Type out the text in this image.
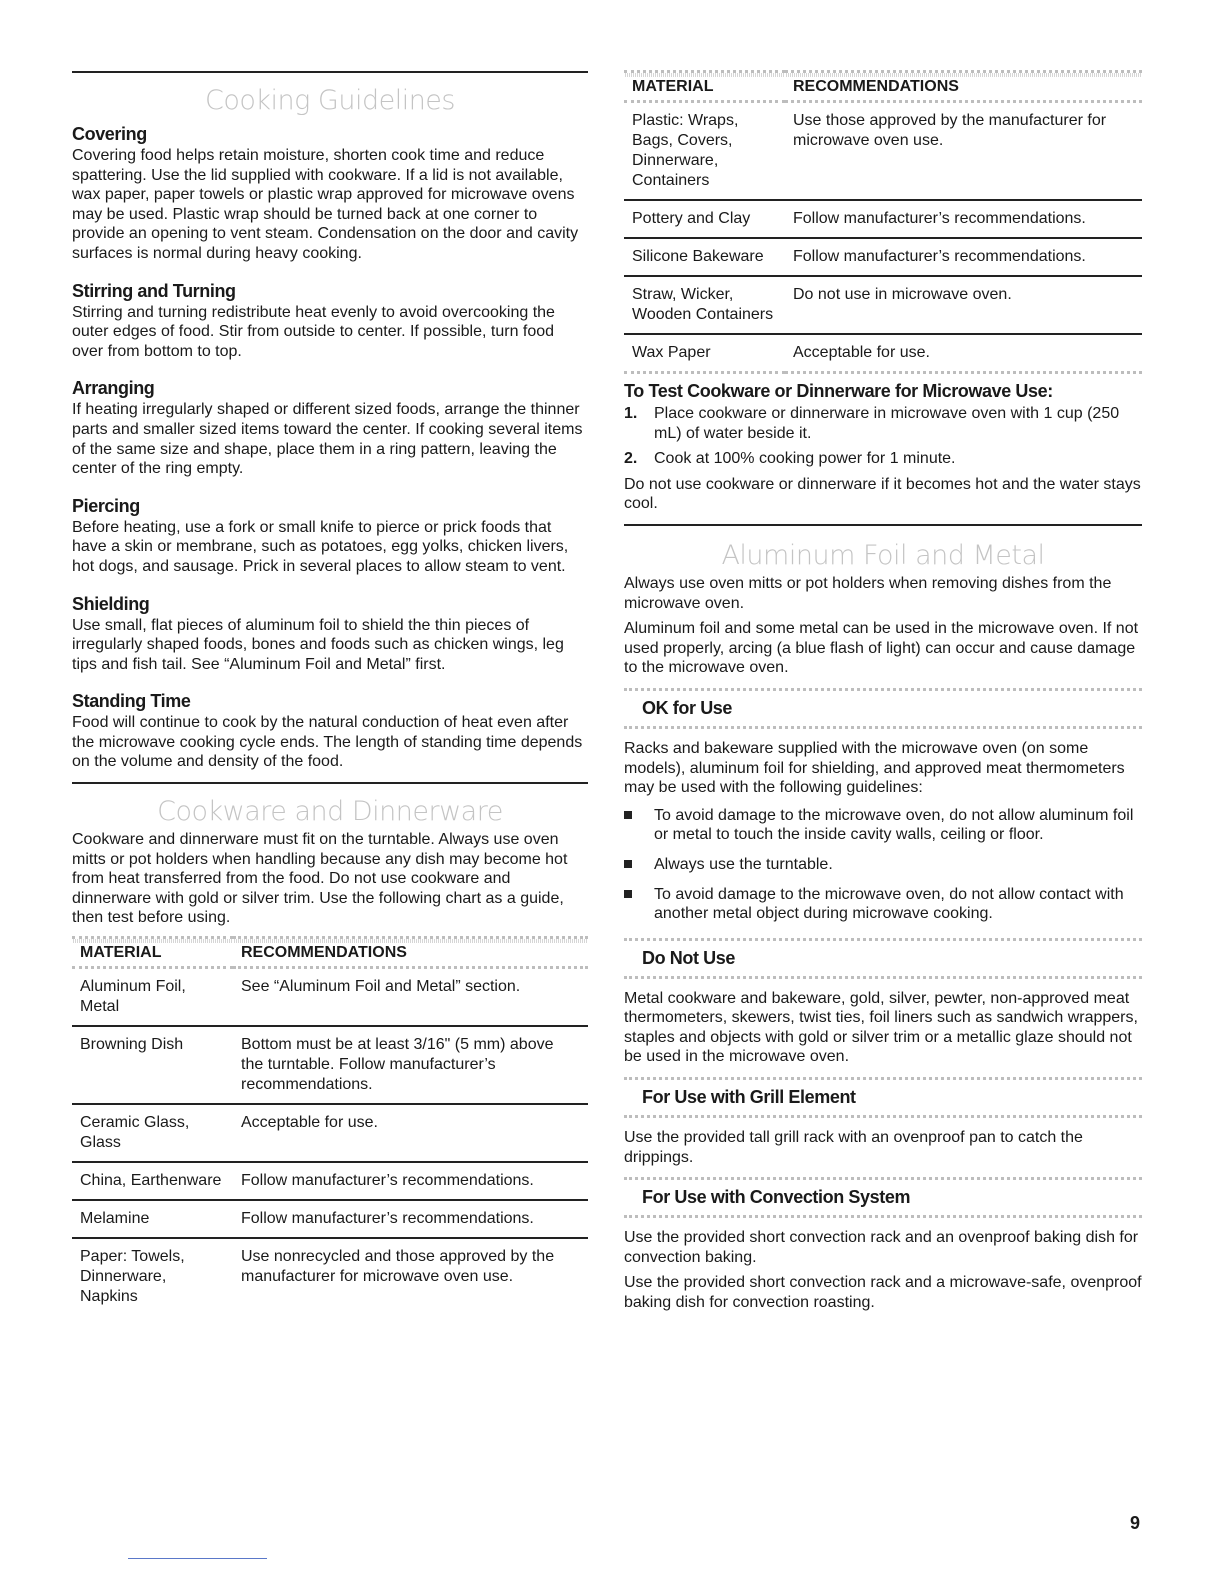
Cooking Guidelines
Covering

Covering food helps retain moisture, shorten cook time and reduce spattering. Use the lid supplied with cookware. If a lid is not available, wax paper, paper towels or plastic wrap approved for microwave ovens may be used. Plastic wrap should be turned back at one corner to provide an opening to vent steam. Condensation on the door and cavity surfaces is normal during heavy cooking.

Stirring and Turning

Stirring and turning redistribute heat evenly to avoid overcooking the outer edges of food. Stir from outside to center. If possible, turn food over from bottom to top.

Arranging

If heating irregularly shaped or different sized foods, arrange the thinner parts and smaller sized items toward the center. If cooking several items of the same size and shape, place them in a ring pattern, leaving the center of the ring empty.

Piercing

Before heating, use a fork or small knife to pierce or prick foods that have a skin or membrane, such as potatoes, egg yolks, chicken livers, hot dogs, and sausage. Prick in several places to allow steam to vent.

Shielding

Use small, flat pieces of aluminum foil to shield the thin pieces of irregularly shaped foods, bones and foods such as chicken wings, leg tips and fish tail. See “Aluminum Foil and Metal” first.

Standing Time

Food will continue to cook by the natural conduction of heat even after the microwave cooking cycle ends. The length of standing time depends on the volume and density of the food.

Cookware and Dinnerware

Cookware and dinnerware must fit on the turntable. Always use oven mitts or pot holders when handling because any dish may become hot from heat transferred from the food. Do not use cookware and dinnerware with gold or silver trim. Use the following chart as a guide, then test before using.

MATERIAL	RECOMMENDATIONS
Aluminum Foil, Metal	See “Aluminum Foil and Metal” section.
Browning Dish	Bottom must be at least 3/16" (5 mm) above the turntable. Follow manufacturer’s recommendations.
Ceramic Glass, Glass	Acceptable for use.
China, Earthenware	Follow manufacturer’s recommendations.
Melamine	Follow manufacturer’s recommendations.
Paper: Towels, Dinnerware, Napkins	Use nonrecycled and those approved by the manufacturer for microwave oven use.
MATERIAL	RECOMMENDATIONS
Plastic: Wraps, Bags, Covers, Dinnerware, Containers	Use those approved by the manufacturer for microwave oven use.
Pottery and Clay	Follow manufacturer’s recommendations.
Silicone Bakeware	Follow manufacturer’s recommendations.
Straw, Wicker, Wooden Containers	Do not use in microwave oven.
Wax Paper	Acceptable for use.
To Test Cookware or Dinnerware for Microwave Use:
1. Place cookware or dinnerware in microwave oven with 1 cup (250 mL) of water beside it.
2. Cook at 100% cooking power for 1 minute.

Do not use cookware or dinnerware if it becomes hot and the water stays cool.

Aluminum Foil and Metal

Always use oven mitts or pot holders when removing dishes from the microwave oven.

Aluminum foil and some metal can be used in the microwave oven. If not used properly, arcing (a blue flash of light) can occur and cause damage to the microwave oven.

OK for Use

Racks and bakeware supplied with the microwave oven (on some models), aluminum foil for shielding, and approved meat thermometers may be used with the following guidelines:

To avoid damage to the microwave oven, do not allow aluminum foil or metal to touch the inside cavity walls, ceiling or floor.
Always use the turntable.
To avoid damage to the microwave oven, do not allow contact with another metal object during microwave cooking.
Do Not Use

Metal cookware and bakeware, gold, silver, pewter, non-approved meat thermometers, skewers, twist ties, foil liners such as sandwich wrappers, staples and objects with gold or silver trim or a metallic glaze should not be used in the microwave oven.

For Use with Grill Element

Use the provided tall grill rack with an ovenproof pan to catch the drippings.

For Use with Convection System

Use the provided short convection rack and an ovenproof baking dish for convection baking.

Use the provided short convection rack and a microwave-safe, ovenproof baking dish for convection roasting.

9
